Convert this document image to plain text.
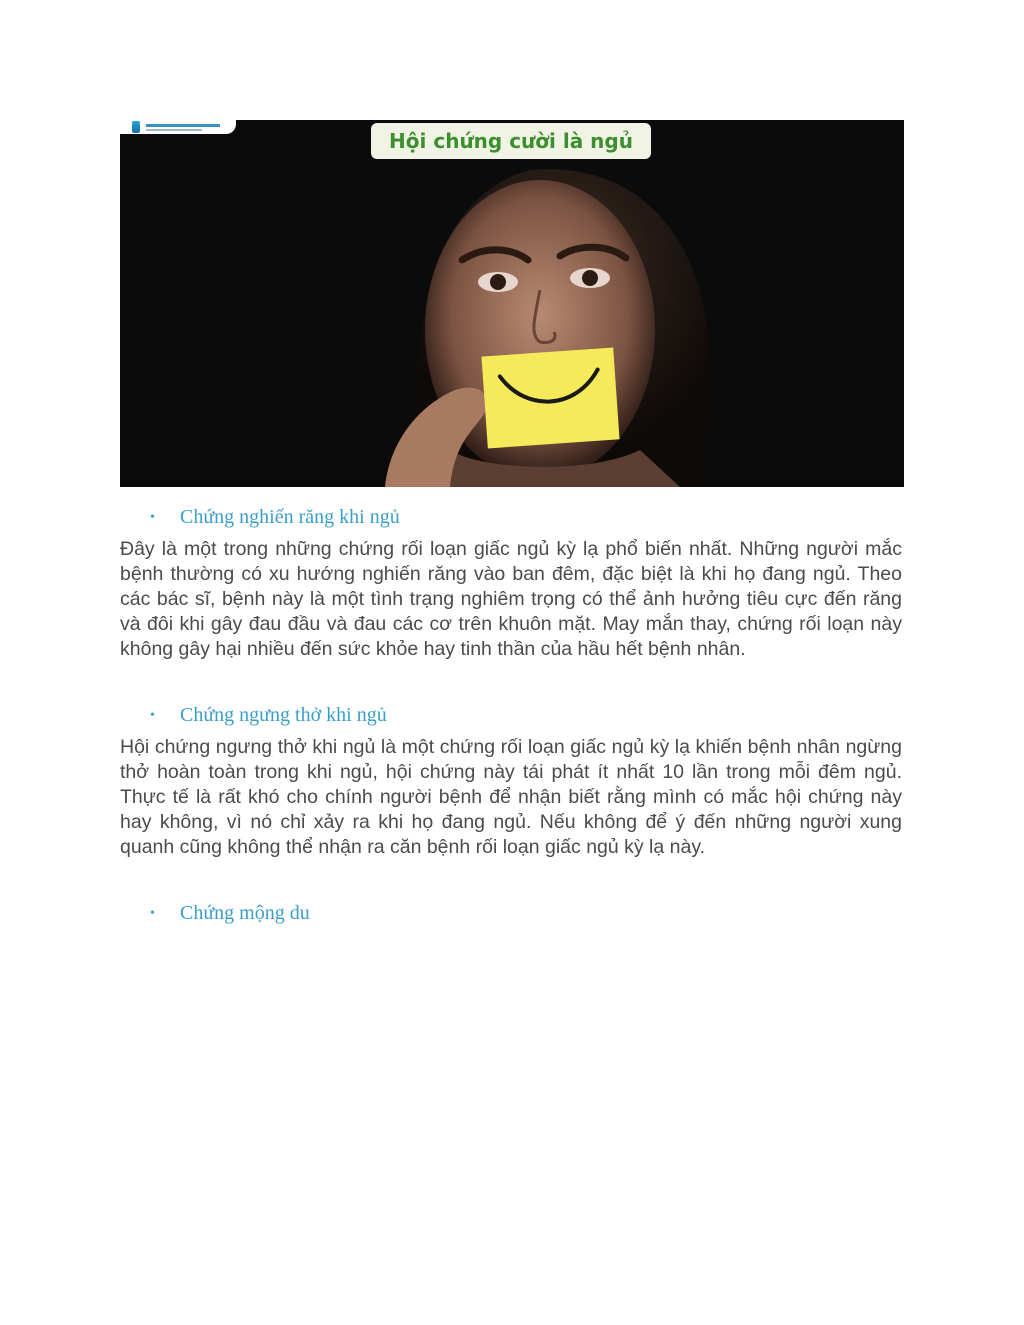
Hội chứng cười là ngủ
• Chứng nghiến răng khi ngủ
Đây là một trong những chứng rối loạn giấc ngủ kỳ lạ phổ biến nhất. Những người mắc bệnh thường có xu hướng nghiến răng vào ban đêm, đặc biệt là khi họ đang ngủ. Theo các bác sĩ, bệnh này là một tình trạng nghiêm trọng có thể ảnh hưởng tiêu cực đến răng và đôi khi gây đau đầu và đau các cơ trên khuôn mặt. May mắn thay, chứng rối loạn này không gây hại nhiều đến sức khỏe hay tinh thần của hầu hết bệnh nhân.
• Chứng ngưng thở khi ngủ
Hội chứng ngưng thở khi ngủ là một chứng rối loạn giấc ngủ kỳ lạ khiến bệnh nhân ngừng thở hoàn toàn trong khi ngủ, hội chứng này tái phát ít nhất 10 lần trong mỗi đêm ngủ. Thực tế là rất khó cho chính người bệnh để nhận biết rằng mình có mắc hội chứng này hay không, vì nó chỉ xảy ra khi họ đang ngủ. Nếu không để ý đến những người xung quanh cũng không thể nhận ra căn bệnh rối loạn giấc ngủ kỳ lạ này.
• Chứng mộng du
